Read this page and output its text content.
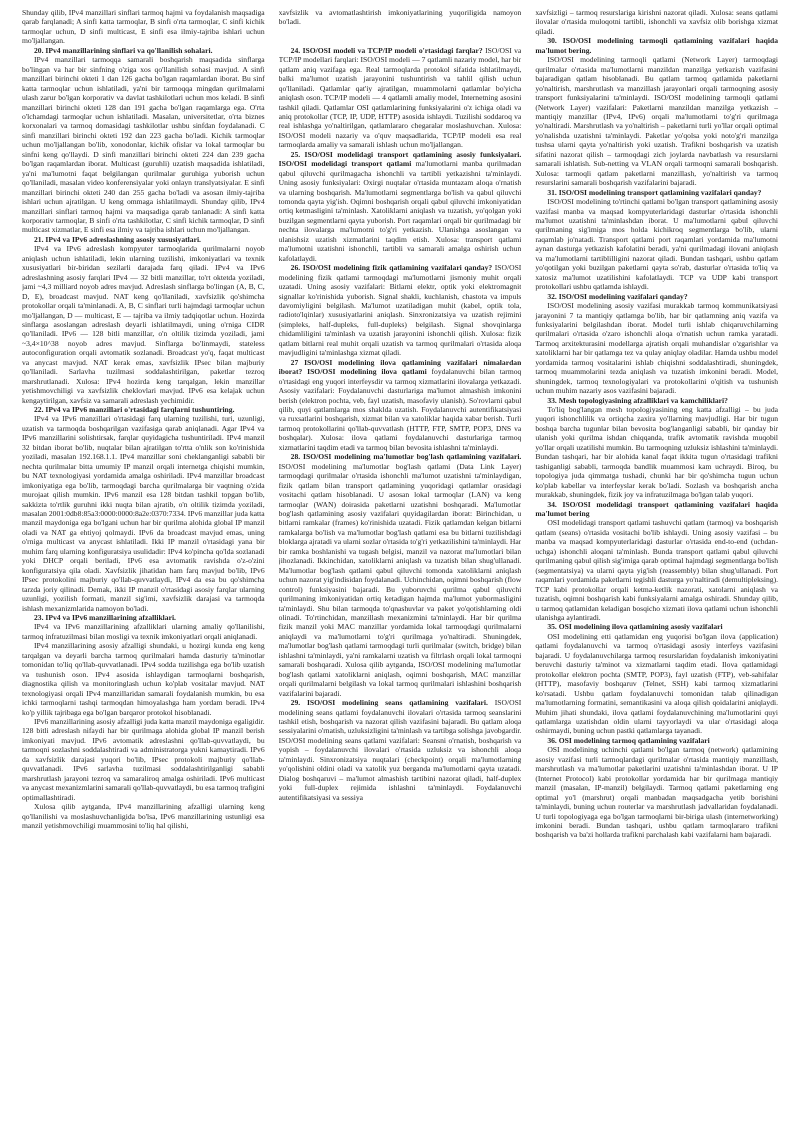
Shunday qilib, IPv4 manzillari sinflari tarmoq hajmi va foydalanish maqsadiga qarab farqlanadi; A sinfi katta tarmoqlar, B sinfi o'rta tarmoqlar, C sinfi kichik tarmoqlar uchun, D sinfi multicast, E sinfi esa ilmiy-tajriba ishlari uchun mo'ljallangan.

20. IPv4 manzillarining sinflari va qo'llanilish sohalari.

IPv4 manzillari tarmoqqa samarali boshqarish maqsadida sinflarga bo'lingan va har bir sinfning o'ziga xos qo'llanilish sohasi mavjud. A sinfi manzillari birinchi okteti 1 dan 126 gacha bo'lgan raqamlardan iborat. Bu sinf katta tarmoqlar uchun ishlatiladi, ya'ni bir tarmoqqa mingdan qurilmalarni ulash zarur bo'lgan korporativ va davlat tashkilotlari uchun mos keladi. B sinfi manzillari birinchi okteti 128 dan 191 gacha bo'lgan raqamlarga ega. O'rta o'lchamdagi tarmoqlar uchun ishlatiladi. Masalan, universitetlar, o'rta biznes korxonalari va tarmoq domasidagi tashkilotlar ushbu sinfdan foydalanadi. C sinfi manzillari birinchi okteti 192 dan 223 gacha bo'ladi. Kichik tarmoqlar uchun mo'ljallangan bo'lib, xonodonlar, kichik ofislar va lokal tarmoqlar bu sinfni keng qo'llaydi. D sinfi manzillari birinchi okteti 224 dan 239 gacha bo'lgan raqamlardan iborat. Multicast (guruhli) uzatish maqsadida ishlatiladi, ya'ni ma'lumotni faqat belgilangan qurilmalar guruhiga yuborish uchun qo'llaniladi, masalan video konferensiyalar yoki onlayn translyatsiyalar. E sinfi manzillari birinchi okteti 240 dan 255 gacha bo'ladi va asosan ilmiy-tajriba ishlari uchun ajratilgan. U keng ommaga ishlatilmaydi. Shunday qilib, IPv4 manzillari sinflari tarmoq hajmi va maqsadiga qarab tanlanadi: A sinfi katta korporativ tarmoqlar, B sinfi o'rta tashkilotlar, C sinfi kichik tarmoqlar, D sinfi multicast xizmatlar, E sinfi esa ilmiy va tajriba ishlari uchun mo'ljallangan.

21. IPv4 va IPv6 adreslashning asosiy xususiyatlari.

IPv4 va IPv6 adreslash kompyuter tarmoqlarida qurilmalarni noyob aniqlash uchun ishlatiladi, lekin ularning tuzilishi, imkoniyatlari va texnik xususiyatlari bir-biridan sezilarli darajada farq qiladi. IPv4 va IPv6 adreslashning asosiy farqlari IPv4 — 32 bitli manzillar, to'rt oktetda yoziladi, jami ~4,3 milliard noyob adres mavjud. Adreslash sinflarga bo'lingan (A, B, C, D, E), broadcast mavjud. NAT keng qo'llaniladi, xavfsizlik qo'shimcha protokollar orqali ta'minlanadi. A, B, C sinflari turli hajmdagi tarmoqlar uchun mo'ljallangan, D — multicast, E — tajriba va ilmiy tadqiqotlar uchun. Hozirda sinflarga asoslangan adreslash deyarli ishlatilmaydi, uning o'rniga CIDR qo'llaniladi. IPv6 — 128 bitli manzillar, o'n oltilik tizimda yoziladi, jami ~3,4×10^38 noyob adres mavjud. Sinflarga bo'linmaydi, stateless autoconfiguration orqali avtomatik sozlanadi. Broadcast yo'q, faqat multicast va anycast mavjud. NAT kerak emas, xavfsizlik IPsec bilan majburiy qo'llaniladi. Sarlavha tuzilmasi soddalashtirilgan, paketlar tezroq marshrutlanadi. Xulosa: IPv4 hozirda keng tarqalgan, lekin manzillar yetishmovchiligi va xavfsizlik cheklovlari mavjud. IPv6 esa kelajak uchun kengaytirilgan, xavfsiz va samarali adreslash yechimidir.

22. IPv4 va IPv6 manzillari o'rtasidagi farqlarni tushuntiring.

IPv4 va IPv6 manzillari o'rtasidagi farq ularning tuzilishi, turi, uzunligi, uzatish va tarmoqda boshqarilgan vazifasiga qarab aniqlanadi. Agar IPv4 va IPv6 manzillarini solishtirsak, farqlar quyidagicha tushuntiriladi. IPv4 manzil 32 bitdan iborat bo'lib, nuqtalar bilan ajratilgan to'rtta o'nlik son ko'rinishida yoziladi, masalan 192.168.1.1. IPv4 manzillar soni cheklanganligi sababli bir nechta qurilmalar bitta umumiy IP manzil orqali internetga chiqishi mumkin, bu NAT texnologiyasi yordamida amalga oshiriladi. IPv4 manzillar broadcast imkoniyatiga ega bo'lib, tarmoqdagi barcha qurilmalarga bir vaqtning o'zida murojaat qilish mumkin. IPv6 manzil esa 128 bitdan tashkil topgan bo'lib, sakkizta to'rtlik guruhni ikki nuqta bilan ajratib, o'n oltilik tizimda yoziladi, masalan 2001:0db8:85a3:0000:0000:8a2e:0370:7334. IPv6 manzillar juda katta manzil maydoniga ega bo'lgani uchun har bir qurilma alohida global IP manzil oladi va NAT ga ehtiyoj qolmaydi. IPv6 da broadcast mavjud emas, uning o'rniga multicast va anycast ishlatiladi. Ikki IP manzil o'rtasidagi yana bir muhim farq ularning konfiguratsiya usulidadir: IPv4 ko'pincha qo'lda sozlanadi yoki DHCP orqali beriladi, IPv6 esa avtomatik ravishda o'z-o'zini konfiguratsiya qila oladi. Xavfsizlik jihatidan ham farq mavjud bo'lib, IPv6 IPsec protokolini majburiy qo'llab-quvvatlaydi, IPv4 da esa bu qo'shimcha tarzda joriy qilinadi. Demak, ikki IP manzil o'rtasidagi asosiy farqlar ularning uzunligi, yozilish formati, manzil sig'imi, xavfsizlik darajasi va tarmoqda ishlash mexanizmlarida namoyon bo'ladi.

23. IPv4 va IPv6 manzillarining afzalliklari.

IPv4 va IPv6 manzillarining afzalliklari ularning amaliy qo'llanilishi, tarmoq infratuzilmasi bilan mosligi va texnik imkoniyatlari orqali aniqlanadi.

IPv4 manzillarining asosiy afzalligi shundaki, u hozirgi kunda eng keng tarqalgan va deyarli barcha tarmoq qurilmalari hamda dasturiy ta'minotlar tomonidan to'liq qo'llab-quvvatlanadi. IPv4 sodda tuzilishga ega bo'lib uzatish va tushunish oson. IPv4 asosida ishlaydigan tarmoqlarni boshqarish, diagnostika qilish va monitoringlash uchun ko'plab vositalar mavjud. NAT texnologiyasi orqali IPv4 manzillaridan samarali foydalanish mumkin, bu esa ichki tarmoqlarni tashqi tarmoqdan himoyalashga ham yordam beradi. IPv4 ko'p yillik tajribaga ega bo'lgan barqaror protokol hisoblanadi.

IPv6 manzillarining asosiy afzalligi juda katta manzil maydoniga egaligidir. 128 bitli adreslash nifaydi har bir qurilmaga alohida global IP manzil berish imkoniyati mavjud. IPv6 avtomatik adreslashni qo'llab-quvvatlaydi, bu tarmoqni sozlashni soddalashtiradi va administratorga yukni kamaytiradi. IPv6 da xavfsizlik darajasi yuqori bo'lib, IPsec protokoli majburiy qo'llab-quvvatlanadi. IPv6 sarlavha tuzilmasi soddalashtirilganligi sababli marshrutlash jarayoni tezroq va samaraliroq amalga oshiriladi. IPv6 multicast va anycast mexanizmlarini samarali qo'llab-quvvatlaydi, bu esa tarmoq trafigini optimallashtiradi.

Xulosa qilib aytganda, IPv4 manzillarining afzalligi ularning keng qo'llanilishi va moslashuvchanligida bo'lsa, IPv6 manzillarining ustunligi esa manzil yetishmovchiligi muammosini to'liq hal qilishi,

xavfsizlik va avtomatlashtirish imkoniyatlarining yuqoriligida namoyon bo'ladi.

24. ISO/OSI modeli va TCP/IP modeli o'rtasidagi farqlar? ISO/OSI va TCP/IP modellari farqlari: ISO/OSI modeli — 7 qatlamli nazariy model, har bir qatlam aniq vazifaga ega. Real tarmoqlarda protokol sifatida ishlatilmaydi, balki ma'lumot uzatish jarayonini tushuntirish va tahlil qilish uchun qo'llaniladi. Qatlamlar qat'iy ajratilgan, muammolarni qatlamlar bo'yicha aniqlash oson. TCP/IP modeli — 4 qatlamli amaliy model, Internetning asosini tashkil qiladi. Qatlamlar OSI qatlamlarining funksiyalarini o'z ichiga oladi va aniq protokollar (TCP, IP, UDP, HTTP) asosida ishlaydi. Tuzilishi soddaroq va real ishlashga yo'naltirilgan, qatlamlararo chegaralar moslashuvchan. Xulosa: ISO/OSI modeli nazariy va o'quv maqsadlarida, TCP/IP modeli esa real tarmoqlarda amaliy va samarali ishlash uchun mo'ljallangan.

25. ISO/OSI modelidagi transport qatlamining asosiy funksiyalari. ISO/OSI modelidagi transport qatlami ma'lumotlarni manba qurilmadan qabul qiluvchi qurilmagacha ishonchli va tartibli yetkazishni ta'minlaydi. Uning asosiy funksiyalari: Oxirgi nuqtalar o'rtasida muntazam aloqa o'rnatish va ularning boshqarish. Ma'lumotlarni segmentlarga bo'lish va qabul qiluvchi tomonda qayta yig'ish. Oqimni boshqarish orqali qabul qiluvchi imkoniyatidan ortiq ketmasligini ta'minlash. Xatoliklarni aniqlash va tuzatish, yo'qolgan yoki buzilgan segmentlarni qayta yuborish. Port raqamlari orqali bir qurilmadagi bir nechta ilovalarga ma'lumotni to'g'ri yetkazish. Ulanishga asoslangan va ulanishsiz uzatish xizmatlarini taqdim etish. Xulosa: transport qatlami ma'lumotni uzatishni ishonchli, tartibli va samarali amalga oshirish uchun kafolatlaydi.

26. ISO/OSI modelining fizik qatlamining vazifalari qanday? ISO/OSI modelining fizik qatlami tarmoqdagi ma'lumotlarni jismoniy muhit orqali uzatadi. Uning asosiy vazifalari: Bitlarni elektr, optik yoki elektromagnit signallar ko'rinishida yuborish. Signal shakli, kuchlanish, chastota va impuls davomiyligini belgilash. Ma'lumot uzatiladigan muhit (kabel, optik tola, radioto'lqinlar) xususiyatlarini aniqlash. Sinxronizatsiya va uzatish rejimini (simpleks, half-dupleks, full-dupleks) belgilash. Signal shovqinlarga chidamliligini ta'minlash va uzatish jarayonini ishonchli qilish. Xulosa: fizik qatlam bitlarni real muhit orqali uzatish va tarmoq qurilmalari o'rtasida aloqa mavjudligini ta'minlashga xizmat qiladi.

27 ISO/OSI modelining ilova qatlamining vazifalari nimalardan iborat? ISO/OSI modelining ilova qatlami foydalanuvchi bilan tarmoq o'rtasidagi eng yuqori interfeysdir va tarmoq xizmatlarini ilovalarga yetkazadi. Asosiy vazifalari: Foydalanuvchi dasturlariga ma'lumot almashish imkonini berish (elektron pochta, veb, fayl uzatish, masofaviy ulanish). So'rovlarni qabul qilib, quyi qatlamlarga mos shaklda uzatish. Foydalanuvchi autentifikatsiyasi va ruxsatlarini boshqarish, xizmat bilan va xatoliklar haqida xabar berish. Turli tarmoq protokollarini qo'llab-quvvatlash (HTTP, FTP, SMTP, POP3, DNS va boshqalar). Xulosa: ilova qatlami foydalanuvchi dasturlariga tarmoq xizmatlarini taqdim etadi va tarmoq bilan bevosita ishlashni ta'minlaydi.

28. ISO/OSI modelining ma'lumotlar bog'lash qatlamining vazifalari. ISO/OSI modelining ma'lumotlar bog'lash qatlami (Data Link Layer) tarmoqdagi qurilmalar o'rtasida ishonchli ma'lumot uzatishni ta'minlaydigan, fizik qatlam bilan transport qatlamining yuqoridagi qatlamlar orasidagi vositachi qatlam hisoblanadi. U asosan lokal tarmoqlar (LAN) va keng tarmoqlar (WAN) doirasida paketlarni uzatishni boshqaradi. Ma'lumotlar bog'lash qatlamining asosiy vazifalari quyidagilardan iborat: Birinchidan, u bitlarni ramkalar (frames) ko'rinishida uzatadi. Fizik qatlamdan kelgan bitlarni ramkalarga bo'lish va ma'lumotlar bog'lash qatlami esa bu bitlarni tuzilishdagi bloklarga ajratadi va ularni sozlar o'rtasida to'g'ri yetkazilishini ta'minlaydi. Har bir ramka boshlanishi va tugash belgisi, manzil va nazorat ma'lumotlari bilan jihozlanadi. Ikkinchidan, xatoliklarni aniqlash va tuzatish bilan shug'ullanadi. Ma'lumotlar bog'lash qatlami qabul qiluvchi tomonda xatoliklarni aniqlash uchun nazorat yig'indisidan foydalanadi. Uchinchidan, oqimni boshqarish (flow control) funksiyasini bajaradi. Bu yuboruvchi qurilma qabul qiluvchi qurilmaning imkoniyatidan ortiq ketadigan hajmda ma'lumot yubormasligini ta'minlaydi. Shu bilan tarmoqda to'qnashuvlar va paket yo'qotishlarning oldi olinadi. To'rtinchidan, manzillash mexanizmini ta'minlaydi. Har bir qurilma fizik manzil yoki MAC manzillar yordamida lokal tarmoqdagi qurilmalarni aniqlaydi va ma'lumotlarni to'g'ri qurilmaga yo'naltiradi. Shuningdek, ma'lumotlar bog'lash qatlami tarmoqdagi turli qurilmalar (switch, bridge) bilan ishlashni ta'minlaydi, ya'ni ramkalarni uzatish va filtrlash orqali lokal tarmoqni samarali boshqaradi. Xulosa qilib aytganda, ISO/OSI modelining ma'lumotlar bog'lash qatlami xatoliklarni aniqlash, oqimni boshqarish, MAC manzillar orqali qurilmalarni belgilash va lokal tarmoq qurilmalari ishlashini boshqarish vazifalarini bajaradi.

29. ISO/OSI modelining seans qatlamining vazifalari. ISO/OSI modelining seans qatlami foydalanuvchi ilovalari o'rtasida tarmoq seanslarini tashkil etish, boshqarish va nazorat qilish vazifasini bajaradi. Bu qatlam aloqa sessiyalarini o'rnatish, uzluksizligini ta'minlash va tartibga solishga javobgardir. ISO/OSI modelining seans qatlami vazifalari: Seansni o'rnatish, boshqarish va yopish – foydalanuvchi ilovalari o'rtasida uzluksiz va ishonchli aloqa ta'minlaydi. Sinxronizatsiya nuqtalari (checkpoint) orqali ma'lumotlarning yo'qolishini oldini oladi va xatolik yuz berganda ma'lumotlarni qayta uzatadi. Dialog boshqaruvi – ma'lumot almashish tartibini nazorat qiladi, half-duplex yoki full-duplex rejimida ishlashni ta'minlaydi. Foydalanuvchi autentifikatsiyasi va sessiya

xavfsizligi – tarmoq resurslariga kirishni nazorat qiladi. Xulosa: seans qatlami ilovalar o'rtasida muloqotni tartibli, ishonchli va xavfsiz olib borishga xizmat qiladi.

30. ISO/OSI modelining tarmoqli qatlamining vazifalari haqida ma'lumot bering.

ISO/OSI modelining tarmoqli qatlami (Network Layer) tarmoqdagi qurilmalar o'rtasida ma'lumotlarni manzildan manzilga yetkazish vazifasini bajaradigan qatlam hisoblanadi. Bu qatlam tarmoq qatlamida paketlarni yo'naltirish, marshrutlash va manzillash jarayonlari orqali tarmoqning asosiy transport funksiyalarini ta'minlaydi. ISO/OSI modelining tarmoqli qatlami (Network Layer) vazifalari: Paketlarni manzildan manzilga yetkazish – mantiqiy manzillar (IPv4, IPv6) orqali ma'lumotlarni to'g'ri qurilmaga yo'naltiradi. Marshrutlash va yo'naltirish – paketlarni turli yo'llar orqali optimal yo'nalishda uzatishni ta'minlaydi. Paketlar yo'qolsa yoki noto'g'ri manzilga tushsa ularni qayta yo'naltirish yoki uzatish. Trafikni boshqarish va uzatish sifatini nazorat qilish – tarmoqdagi zich joylarda navbatlash va resurslarni samarali ishlatish. Sub-netting va VLAN orqali tarmoqni samarali boshqarish. Xulosa: tarmoqli qatlam paketlarni manzillash, yo'naltirish va tarmoq resurslarini samarali boshqarish vazifalarini bajaradi.

31. ISO/OSI modelining transport qatlamining vazifalari qanday?

ISO/OSI modelining to'rtinchi qatlami bo'lgan transport qatlamining asosiy vazifasi manba va maqsad kompyuterlaridagi dasturlar o'rtasida ishonchli ma'lumot uzatishni ta'minlashdan iborat. U ma'lumotlarni qabul qiluvchi qurilmaning sig'imiga mos holda kichikroq segmentlarga bo'lib, ularni raqamlab jo'natadi. Transport qatlami port raqamlari yordamida ma'lumotni aynan dasturga yetkazish kafolatini beradi, ya'ni qurilmadagi ilovani aniqlash va ma'lumotlarni tartiblilligini nazorat qiladi. Bundan tashqari, ushbu qatlam yo'qotilgan yoki buzilgan paketlarni qayta so'rab, dasturlar o'rtasida to'liq va xatosiz ma'lumot uzatilishini kafolatlaydi. TCP va UDP kabi transport protokollari ushbu qatlamda ishlaydi.

32. ISO/OSI modelining vazifalari qanday?

ISO/OSI modelining asosiy vazifasi murakkab tarmoq kommunikatsiyasi jarayonini 7 ta mantiqiy qatlamga bo'lib, har bir qatlamning aniq vazifa va funksiyalarini belgilashdan iborat. Model turli ishlab chiqaruvchilarning qurilmalari o'rtasida o'zaro ishonchli aloqa o'rnatish uchun ramka yaratadi. Tarmoq arxitekturasini modellarga ajratish orqali muhandislar o'zgarishlar va xatoliklarni har bir qatlamga tez va qulay aniqlay oladilar. Hamda ushbu model yordamida tarmoq vositalarini ishlab chiqishni soddalashtiradi, shuningdek, tarmoq muammolarini tezda aniqlash va tuzatish imkonini beradi. Model, shuningdek, tarmoq texnologiyalari va protokollarini o'qitish va tushunish uchun muhim nazariy asos vazifasini bajaradi.

33. Mesh topologiyasining afzalliklari va kamchiliklari?

To'liq bog'langan mesh topologiyasining eng katta afzalligi – bu juda yuqori ishonchlilik va ortiqcha zaxira yo'llarning mavjudligi. Har bir tugun boshqa barcha tugunlar bilan bevosita bog'langanligi sababli, bir qanday bir ulanish yoki qurilma ishdan chiqqanda, trafik avtomatik ravishda muqobil yo'llar orqali uzatilishi mumkin. Bu tarmoqning uzluksiz ishlashini ta'minlaydi. Bundan tashqari, har bir alohida kanal faqat ikkita tugun o'rtasidagi trafikni tashiganligi sababli, tarmoqda bandlik muammosi kam uchraydi. Biroq, bu topologiya juda qimmatga tushadi, chunki har bir qo'shimcha tugun uchun ko'plab kabellar va interfeyslar kerak bo'ladi. Sozlash va boshqarish ancha murakkab, shuningdek, fizik joy va infratuzilmaga bo'lgan talab yuqori.

34. ISO/OSI modelidagi transport qatlamining vazifalari haqida ma'lumot bering

OSI modelidagi transport qatlami tashuvchi qatlam (tarmoq) va boshqarish qatlam (seans) o'rtasida vositachi bo'lib ishlaydi. Uning asosiy vazifasi – bu manba va maqsad kompyuterlaridagi dasturlar o'rtasida end-to-end (uchdan-uchga) ishonchli aloqani ta'minlash. Bunda transport qatlami qabul qiluvchi qurilmaning qabul qilish sig'imiga qarab optimal hajmdagi segmentlarga bo'lish (segmentatsiya) va ularni qayta yig'ish (reassembly) bilan shug'ullanadi. Port raqamlari yordamida paketlarni tegishli dasturga yo'naltiradi (demultipleksing). TCP kabi protokollar orqali ketma-ketlik nazorati, xatolarni aniqlash va tuzatish, oqimni boshqarish kabi funksiyalarni amalga oshiradi. Shunday qilib, u tarmoq qatlamidan keladigan bosqicho xizmati ilova qatlami uchun ishonchli ulanishga aylantiradi.

35. OSI modelining ilova qatlamining asosiy vazifalari

OSI modelining etti qatlamidan eng yuqorisi bo'lgan ilova (application) qatlami foydalanuvchi va tarmoq o'rtasidagi asosiy interfeys vazifasini bajaradi. U foydalanuvchilarga tarmoq resurslaridan foydalanish imkoniyatini beruvchi dasturiy ta'minot va xizmatlarni taqdim etadi. Ilova qatlamidagi protokollar elektron pochta (SMTP, POP3), fayl uzatish (FTP), veb-sahifalar (HTTP), masofaviy boshqaruv (Telnet, SSH) kabi tarmoq xizmatlarini ko'rsatadi. Ushbu qatlam foydalanuvchi tomonidan talab qilinadigan ma'lumotlarning formatini, semantikasini va aloqa qilish qoidalarini aniqlaydi. Muhim jihati shundaki, ilova qatlami foydalanuvchining ma'lumotlarini quyi qatlamlarga uzatishdan oldin ularni tayyorlaydi va ular o'rtasidagi aloqa oshirmaydi, buning uchun pastki qatlamlarga tayanadi.

36. OSI modelining tarmoq qatlamining vazifalari

OSI modelining uchinchi qatlami bo'lgan tarmoq (network) qatlamining asosiy vazifasi turli tarmoqlardagi qurilmalar o'rtasida mantiqiy manzillash, marshrutlash va ma'lumotlar paketlarini uzatishni ta'minlashdan iborat. U IP (Internet Protocol) kabi protokollar yordamida har bir qurilmaga mantiqiy manzil (masalan, IP-manzil) belgilaydi. Tarmoq qatlami paketlarning eng optimal yo'l (marshrut) orqali manbadan maqsadgacha yetib borishini ta'minlaydi, buning uchun routerlar va marshrutlash jadvallaridan foydalanadi. U turli topologiyaga ega bo'lgan tarmoqlarni bir-biriga ulash (internetworking) imkonini beradi. Bundan tashqari, ushbu qatlam tarmoqlararo trafikni boshqarish va ba'zi hollarda trafikni parchalash kabi vazifalarni ham bajaradi.
